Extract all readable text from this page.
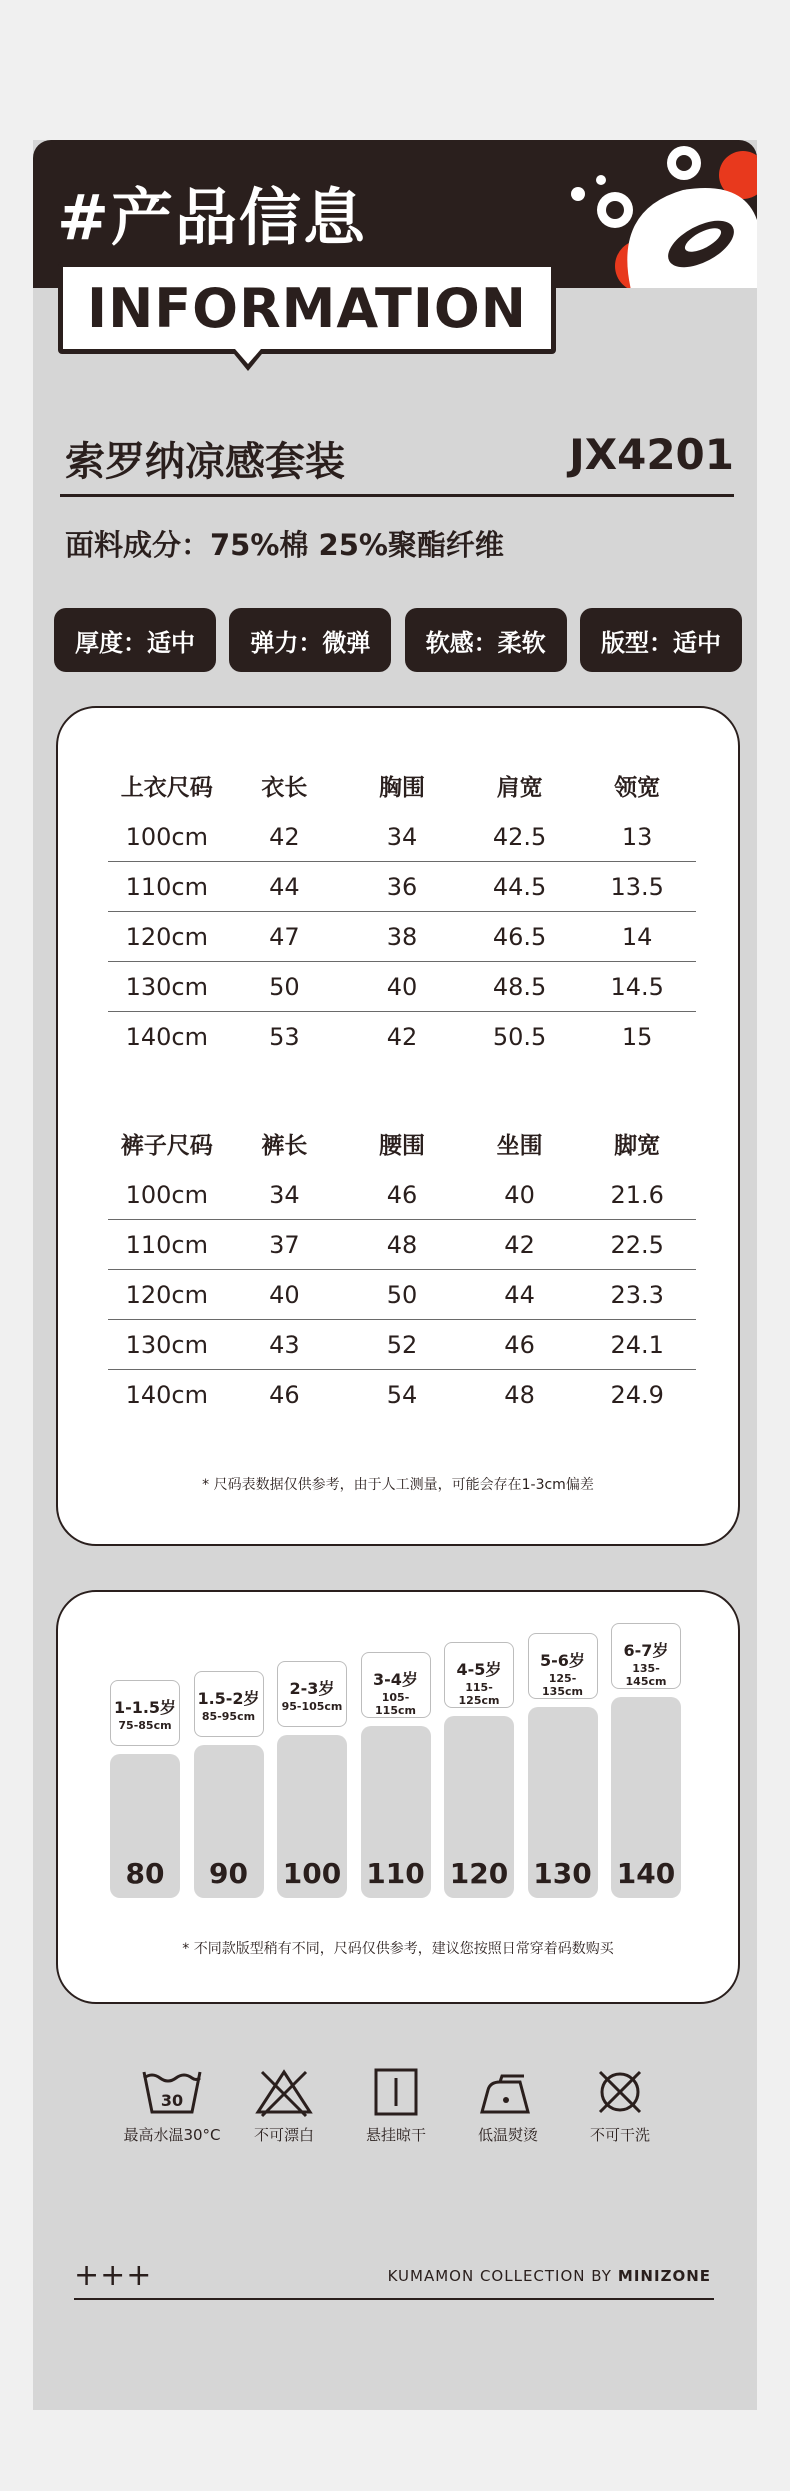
#产品信息
INFORMATION
索罗纳凉感套装	JX4201
面料成分：75%棉 25%聚酯纤维
厚度：适中	弹力：微弹	软感：柔软	版型：适中
上衣尺码	衣长	胸围	肩宽	领宽
100cm	42	34	42.5	13
110cm	44	36	44.5	13.5
120cm	47	38	46.5	14
130cm	50	40	48.5	14.5
140cm	53	42	50.5	15
裤子尺码	裤长	腰围	坐围	脚宽
100cm	34	46	40	21.6
110cm	37	48	42	22.5
120cm	40	50	44	23.3
130cm	43	52	46	24.1
140cm	46	54	48	24.9
* 尺码表数据仅供参考，由于人工测量，可能会存在1-3cm偏差
1-1.5岁
75-85cm
80
1.5-2岁
85-95cm
90
2-3岁
95-105cm
100
3-4岁
105-115cm
110
4-5岁
115-125cm
120
5-6岁
125-135cm
130
6-7岁
135-145cm
140
* 不同款版型稍有不同，尺码仅供参考，建议您按照日常穿着码数购买
30
最高水温30°C	不可漂白	悬挂晾干	低温熨烫	不可干洗
+++	KUMAMON COLLECTION BY MINIZONE
